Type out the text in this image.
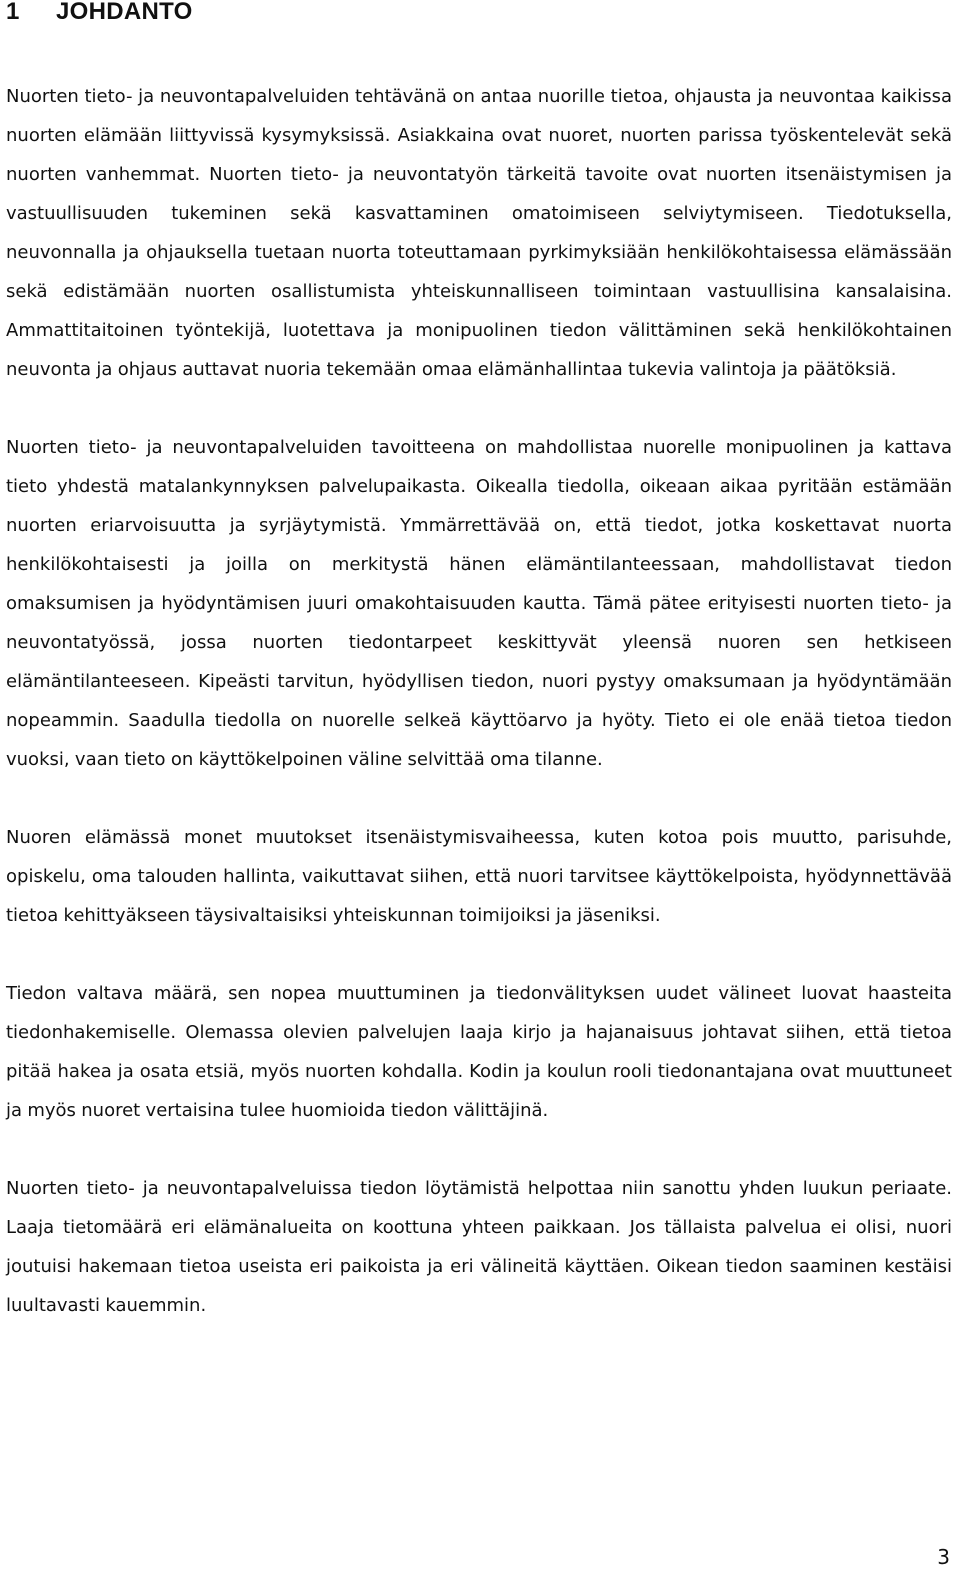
1 JOHDANTO

Nuorten tieto- ja neuvontapalveluiden tehtävänä on antaa nuorille tietoa, ohjausta ja neuvontaa kaikissa nuorten elämään liittyvissä kysymyksissä. Asiakkaina ovat nuoret, nuorten parissa työskentelevät sekä nuorten vanhemmat. Nuorten tieto- ja neuvontatyön tärkeitä tavoite ovat nuorten itsenäistymisen ja vastuullisuuden tukeminen sekä kasvattaminen omatoimiseen selviytymiseen. Tiedotuksella, neuvonnalla ja ohjauksella tuetaan nuorta toteuttamaan pyrkimyksiään henkilökohtaisessa elämässään sekä edistämään nuorten osallistumista yhteiskunnalliseen toimintaan vastuullisina kansalaisina. Ammattitaitoinen työntekijä, luotettava ja monipuolinen tiedon välittäminen sekä henkilökohtainen neuvonta ja ohjaus auttavat nuoria tekemään omaa elämänhallintaa tukevia valintoja ja päätöksiä.

Nuorten tieto- ja neuvontapalveluiden tavoitteena on mahdollistaa nuorelle monipuolinen ja kattava tieto yhdestä matalankynnyksen palvelupaikasta. Oikealla tiedolla, oikeaan aikaa pyritään estämään nuorten eriarvoisuutta ja syrjäytymistä. Ymmärrettävää on, että tiedot, jotka koskettavat nuorta henkilökohtaisesti ja joilla on merkitystä hänen elämäntilanteessaan, mahdollistavat tiedon omaksumisen ja hyödyntämisen juuri omakohtaisuuden kautta. Tämä pätee erityisesti nuorten tieto- ja neuvontatyössä, jossa nuorten tiedontarpeet keskittyvät yleensä nuoren sen hetkiseen elämäntilanteeseen. Kipeästi tarvitun, hyödyllisen tiedon, nuori pystyy omaksumaan ja hyödyntämään nopeammin. Saadulla tiedolla on nuorelle selkeä käyttöarvo ja hyöty. Tieto ei ole enää tietoa tiedon vuoksi, vaan tieto on käyttökelpoinen väline selvittää oma tilanne.

Nuoren elämässä monet muutokset itsenäistymisvaiheessa, kuten kotoa pois muutto, parisuhde, opiskelu, oma talouden hallinta, vaikuttavat siihen, että nuori tarvitsee käyttökelpoista, hyödynnettävää tietoa kehittyäkseen täysivaltaisiksi yhteiskunnan toimijoiksi ja jäseniksi.

Tiedon valtava määrä, sen nopea muuttuminen ja tiedonvälityksen uudet välineet luovat haasteita tiedonhakemiselle. Olemassa olevien palvelujen laaja kirjo ja hajanaisuus johtavat siihen, että tietoa pitää hakea ja osata etsiä, myös nuorten kohdalla. Kodin ja koulun rooli tiedonantajana ovat muuttuneet ja myös nuoret vertaisina tulee huomioida tiedon välittäjinä.

Nuorten tieto- ja neuvontapalveluissa tiedon löytämistä helpottaa niin sanottu yhden luukun periaate. Laaja tietomäärä eri elämänalueita on koottuna yhteen paikkaan. Jos tällaista palvelua ei olisi, nuori joutuisi hakemaan tietoa useista eri paikoista ja eri välineitä käyttäen. Oikean tiedon saaminen kestäisi luultavasti kauemmin.

3
